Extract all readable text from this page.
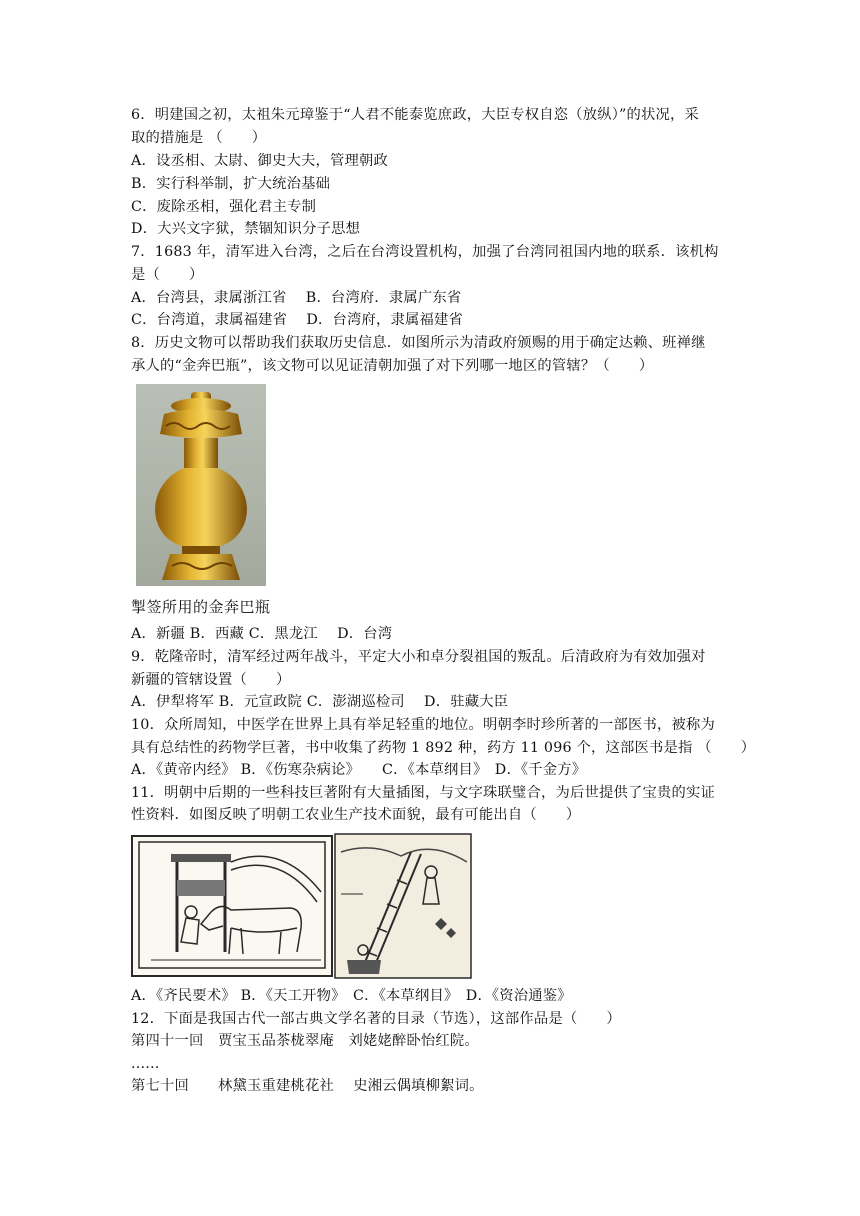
6．明建国之初，太祖朱元璋鉴于“人君不能泰览庶政，大臣专权自恣（放纵）”的状况，采
取的措施是 （　　）
A．设丞相、太尉、御史大夫，管理朝政
B．实行科举制，扩大统治基础
C．废除丞相，强化君主专制
D．大兴文字狱，禁锢知识分子思想
7．1683 年，清军进入台湾，之后在台湾设置机构，加强了台湾同祖国内地的联系．该机构
是（　　）
A．台湾县，隶属浙江省　 B．台湾府．隶属广东省
C．台湾道，隶属福建省　 D．台湾府，隶属福建省
8．历史文物可以帮助我们获取历史信息．如图所示为清政府颁赐的用于确定达赖、班禅继
承人的“金奔巴瓶”，该文物可以见证清朝加强了对下列哪一地区的管辖？（　　）
掣签所用的金奔巴瓶
A．新疆 B．西藏 C．黑龙江　 D．台湾
9．乾隆帝时，清军经过两年战斗，平定大小和卓分裂祖国的叛乱。后清政府为有效加强对
新疆的管辖设置（　　）
A．伊犁将军 B．元宣政院 C．澎湖巡检司　 D．驻藏大臣
10．众所周知，中医学在世界上具有举足轻重的地位。明朝李时珍所著的一部医书，被称为
具有总结性的药物学巨著，书中收集了药物 1 892 种，药方 11 096 个，这部医书是指 （　　）
A．《黄帝内经》 B．《伤寒杂病论》　　C．《本草纲目》　D．《千金方》
11．明朝中后期的一些科技巨著附有大量插图，与文字珠联璧合，为后世提供了宝贵的实证
性资料．如图反映了明朝工农业生产技术面貌，最有可能出自（　　）
A．《齐民要术》 B．《天工开物》　C．《本草纲目》　D．《资治通鉴》
12．下面是我国古代一部古典文学名著的目录（节选），这部作品是（　　）
第四十一回　贾宝玉品茶栊翠庵　刘姥姥醉卧怡红院。
......
第七十回　　林黛玉重建桃花社　 史湘云偶填柳絮词。
